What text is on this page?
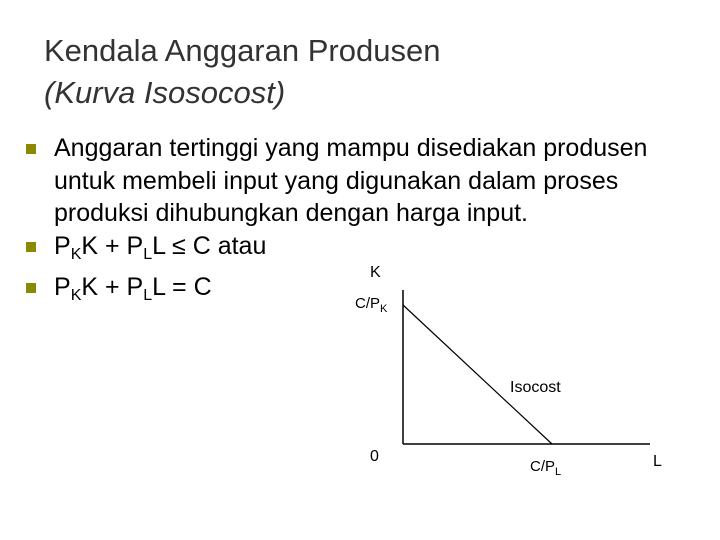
Kendala Anggaran Produsen
(Kurva Isosocost)
Anggaran tertinggi yang mampu disediakan produsen untuk membeli input yang digunakan dalam proses produksi dihubungkan dengan harga input.
$P_KK + P_LL \le C$ atau
$P_KK + P_LL = C$
K
$C/P_K$
Isocost
0
$C/P_L$
L
